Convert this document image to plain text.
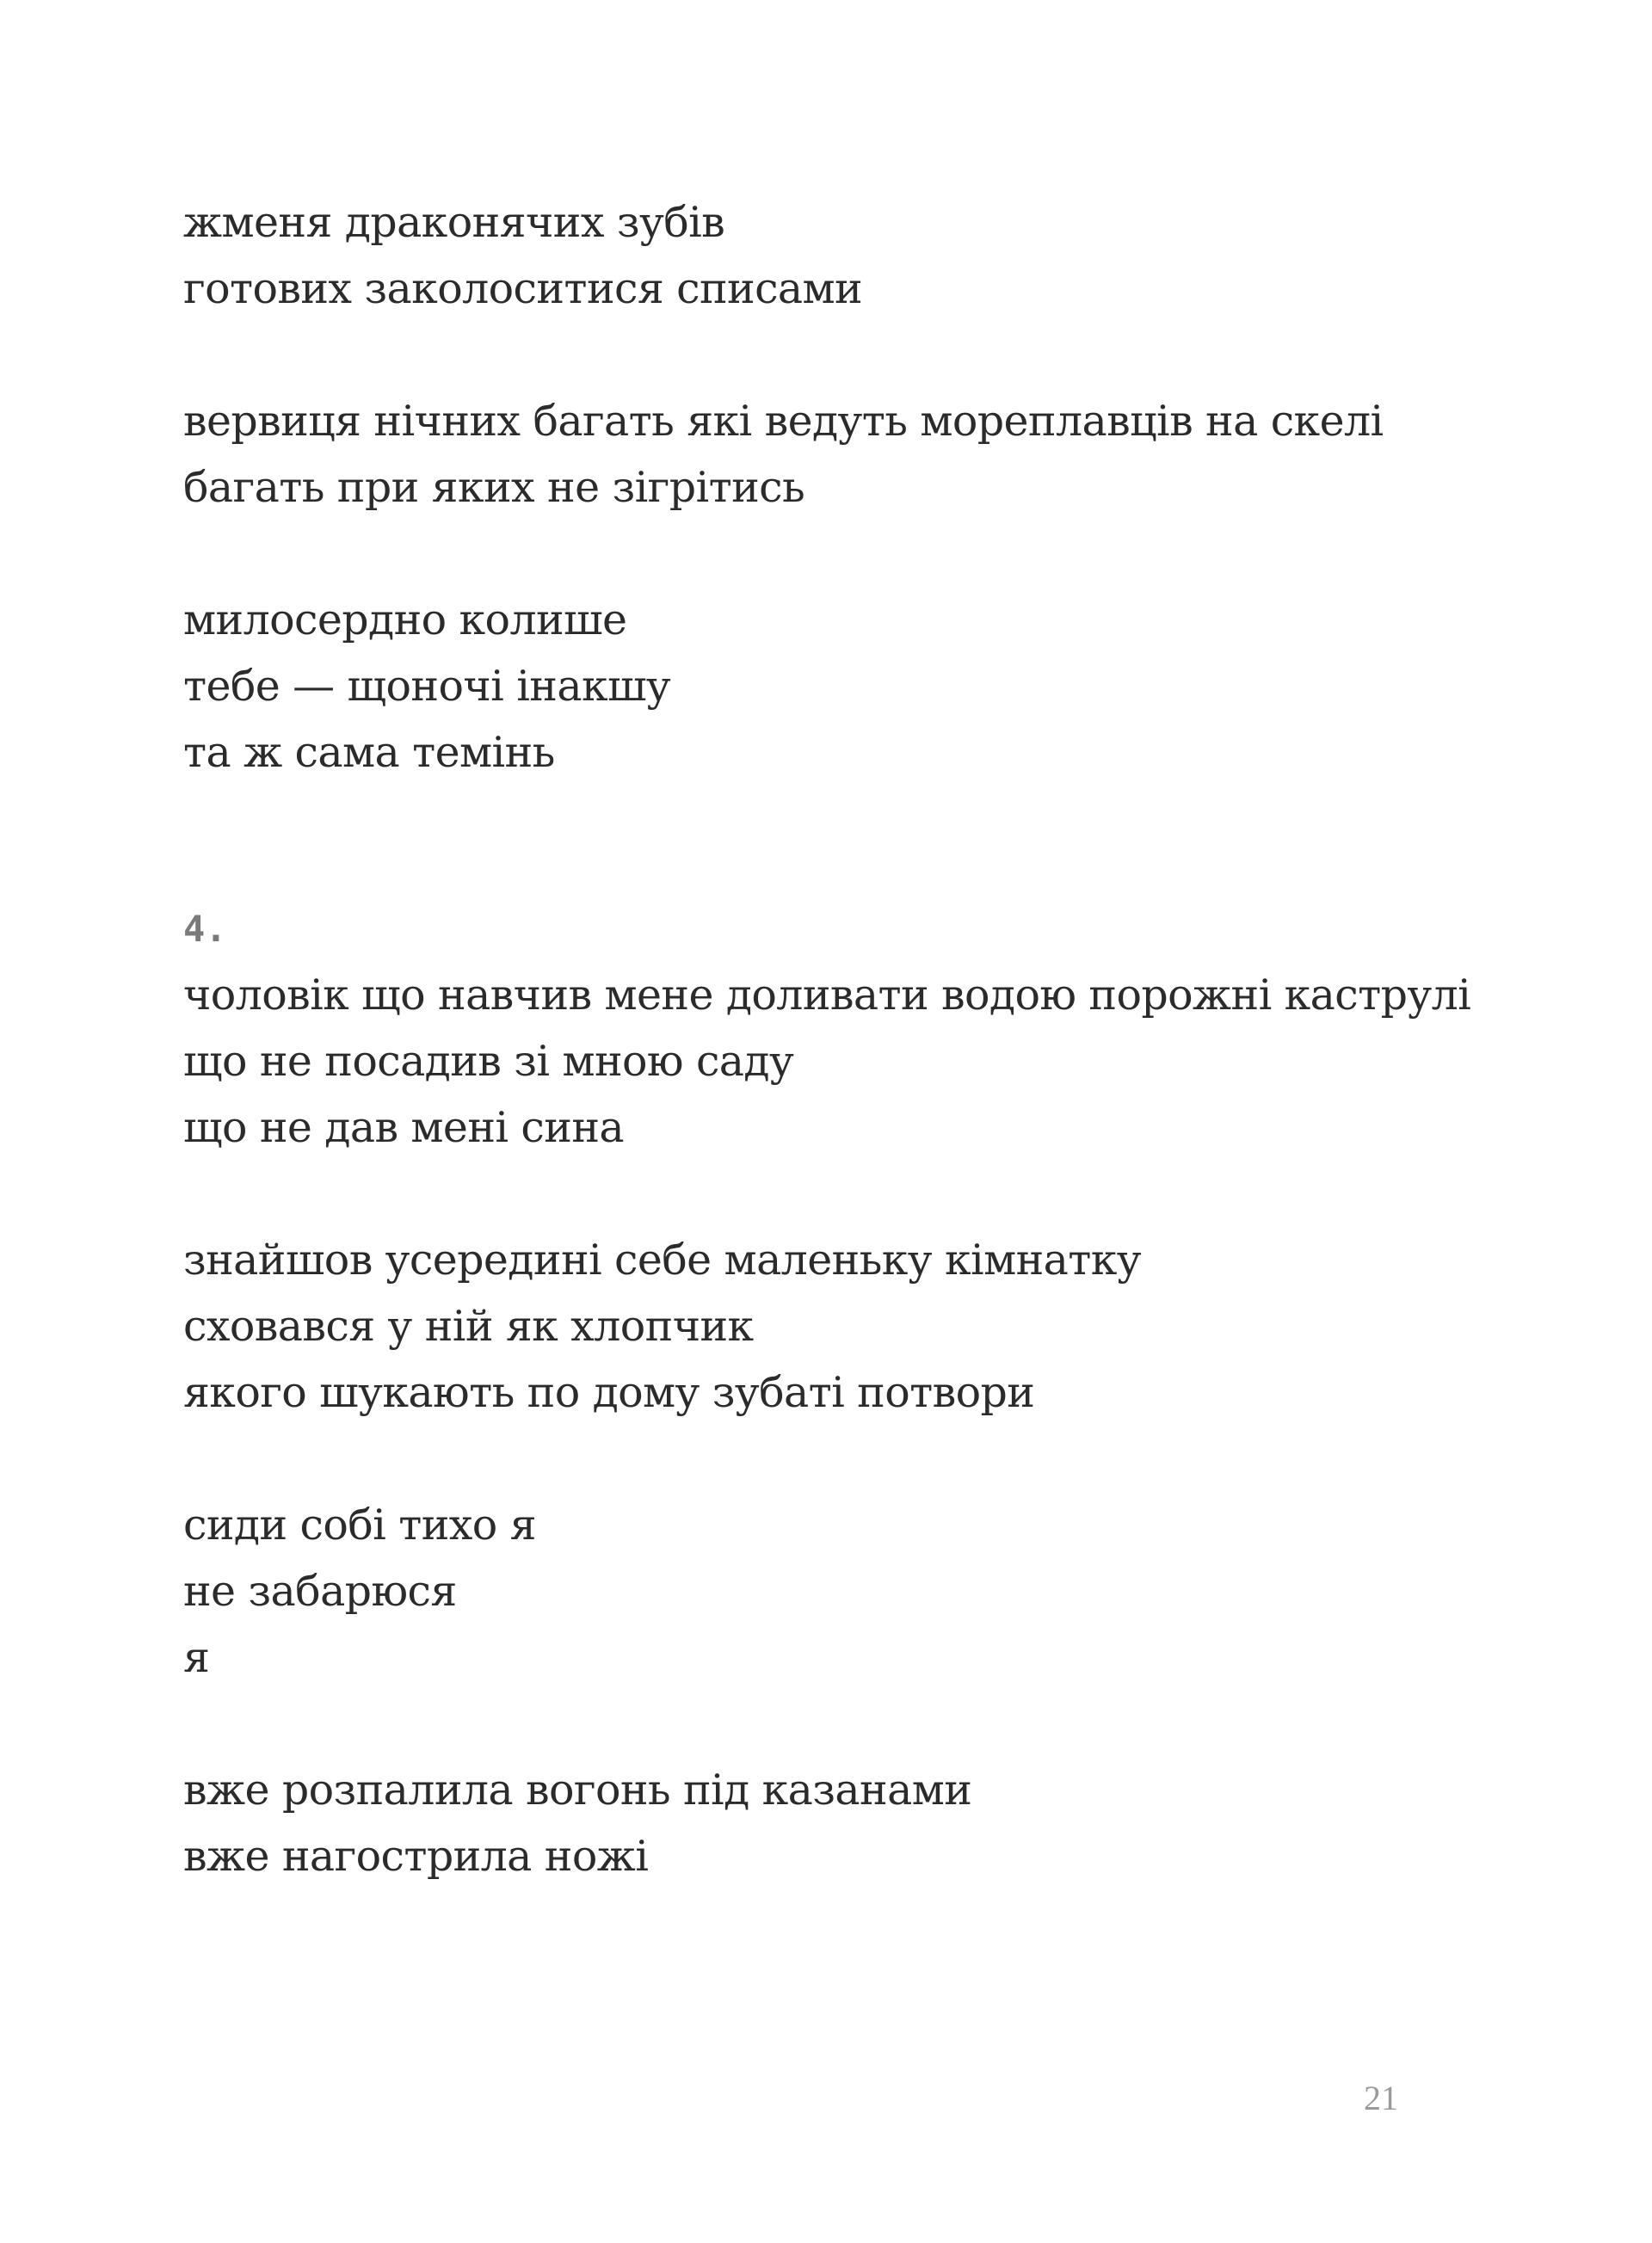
жменя драконячих зубів
готових заколоситися списами
вервиця нічних багать які ведуть мореплавців на скелі
багать при яких не зігрітись
милосердно колише
тебе — щоночі інакшу
та ж сама темінь
4.
чоловік що навчив мене доливати водою порожні каструлі
що не посадив зі мною саду
що не дав мені сина
знайшов усередині себе маленьку кімнатку
сховався у ній як хлопчик
якого шукають по дому зубаті потвори
сиди собі тихо я
не забарюся
я
вже розпалила вогонь під казанами
вже нагострила ножі
21
